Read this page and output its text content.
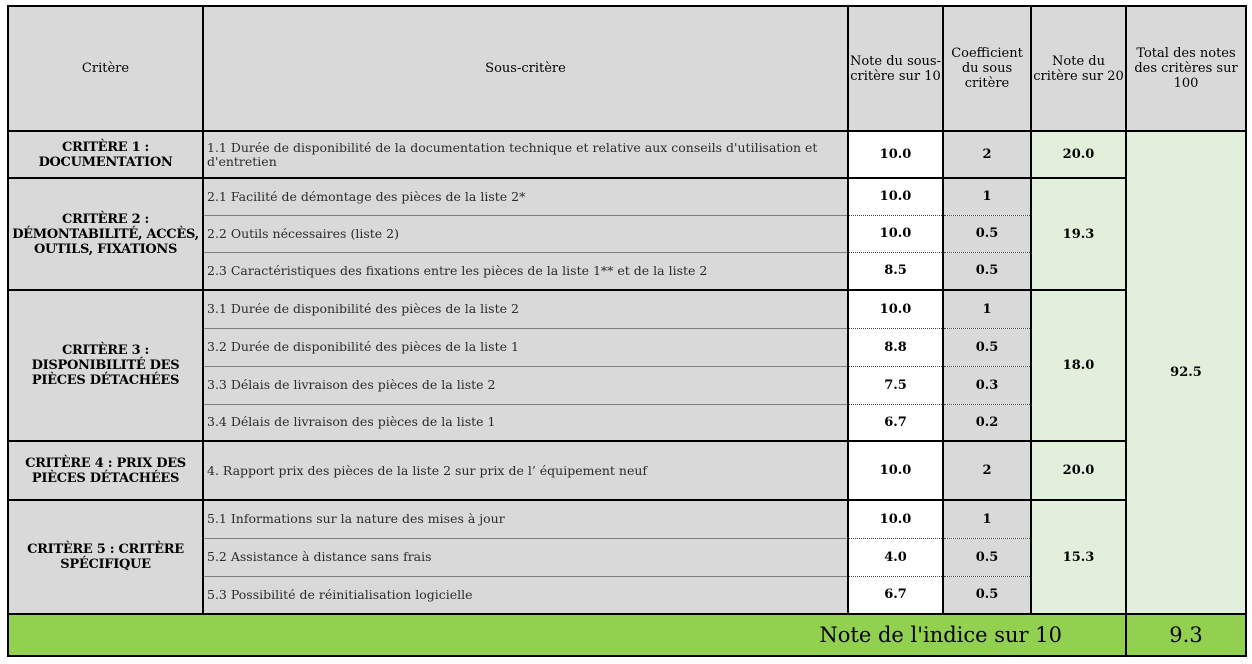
Critère	Sous-critère	Note du sous-critère sur 10	Coefficient du sous critère	Note du critère sur 20	Total des notes des critères sur 100
CRITÈRE 1 : DOCUMENTATION	1.1 Durée de disponibilité de la documentation technique et relative aux conseils d'utilisation et d'entretien	10.0	2	20.0	92.5
CRITÈRE 2 : DÉMONTABILITÉ, ACCÈS, OUTILS, FIXATIONS	2.1 Facilité de démontage des pièces de la liste 2*	10.0	1	19.3	
	2.2 Outils nécessaires (liste 2)	10.0	0.5		
	2.3 Caractéristiques des fixations entre les pièces de la liste 1** et de la liste 2	8.5	0.5		
CRITÈRE 3 : DISPONIBILITÉ DES PIÈCES DÉTACHÉES	3.1 Durée de disponibilité des pièces de la liste 2	10.0	1	18.0	
	3.2 Durée de disponibilité des pièces de la liste 1	8.8	0.5		
	3.3 Délais de livraison des pièces de la liste 2	7.5	0.3		
	3.4 Délais de livraison des pièces de la liste 1	6.7	0.2		
CRITÈRE 4 : PRIX DES PIÈCES DÉTACHÉES	4. Rapport prix des pièces de la liste 2 sur prix de l’ équipement neuf	10.0	2	20.0	
CRITÈRE 5 : CRITÈRE SPÉCIFIQUE	5.1 Informations sur la nature des mises à jour	10.0	1	15.3	
	5.2 Assistance à distance sans frais	4.0	0.5		
	5.3 Possibilité de réinitialisation logicielle	6.7	0.5		
Note de l'indice sur 10					9.3
